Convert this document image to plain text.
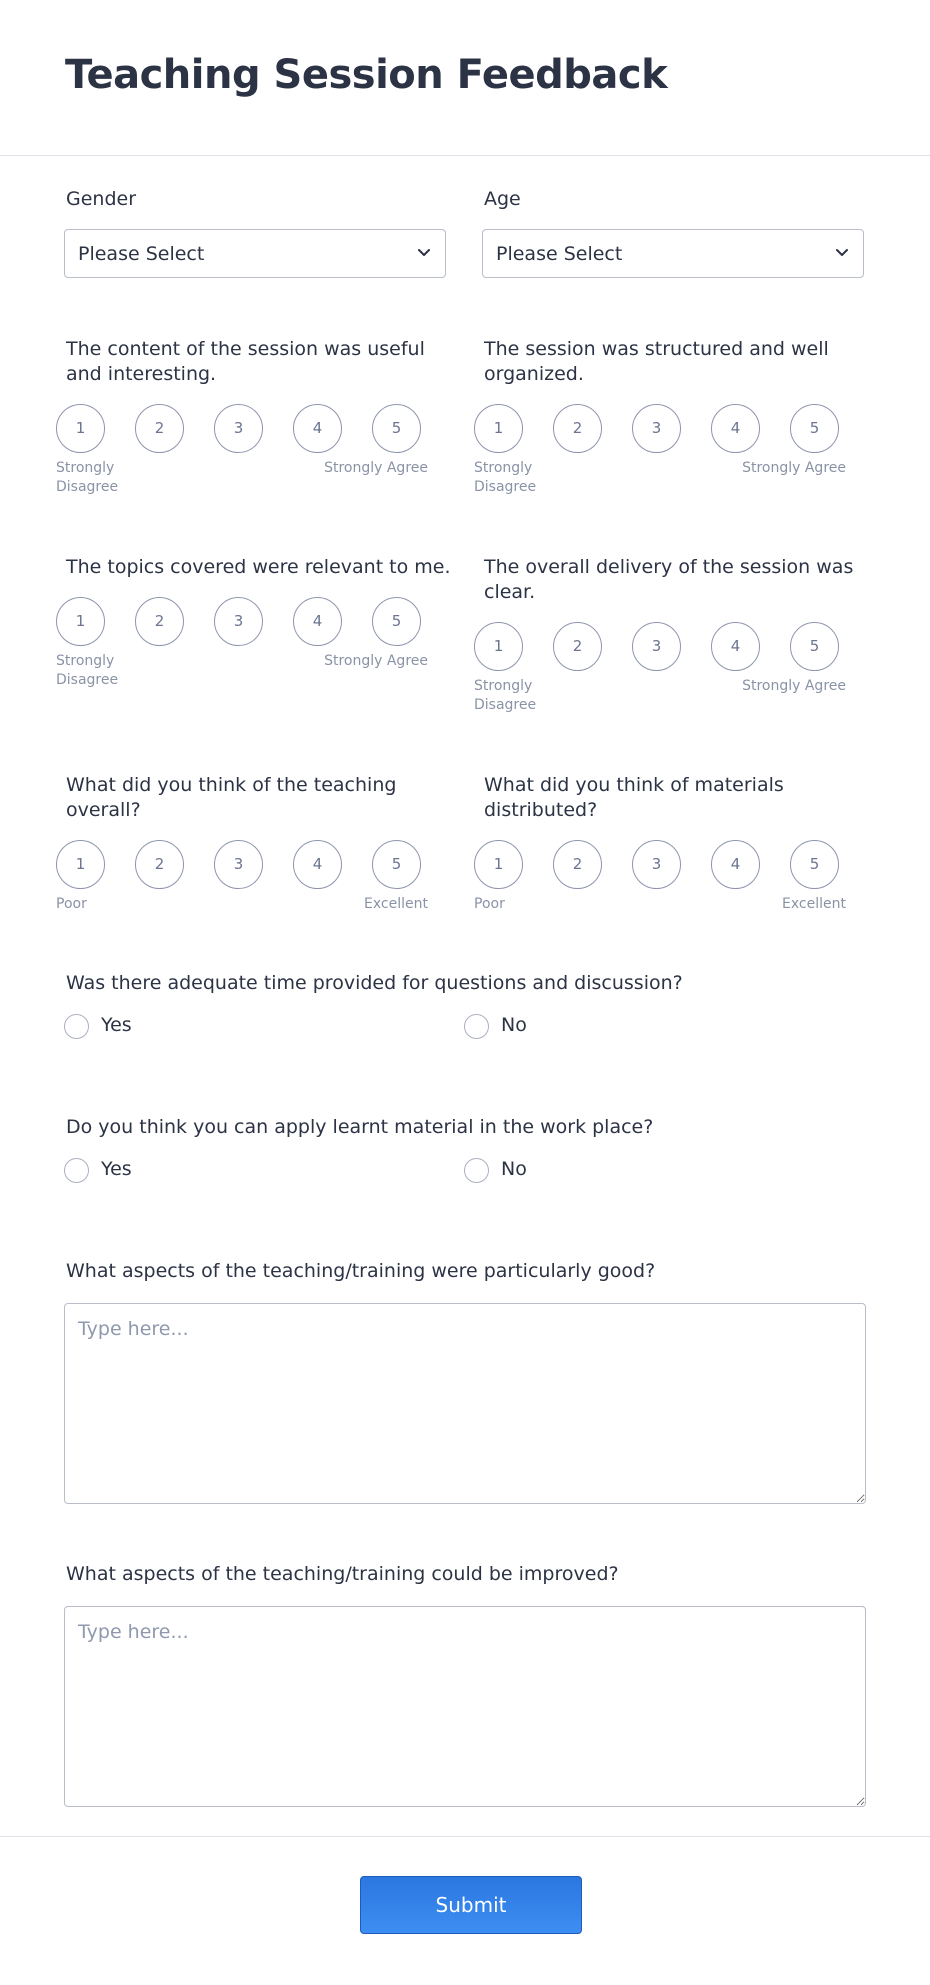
Teaching Session Feedback
Gender
Please Select
Age
Please Select
The content of the session was useful and interesting.
1	2	3	4	5
Strongly Disagree
Strongly Agree
The session was structured and well organized.
1	2	3	4	5
Strongly Disagree
Strongly Agree
The topics covered were relevant to me.
1	2	3	4	5
Strongly Disagree
Strongly Agree
The overall delivery of the session was clear.
1	2	3	4	5
Strongly Disagree
Strongly Agree
What did you think of the teaching overall?
1	2	3	4	5
Poor	Excellent
What did you think of materials distributed?
1	2	3	4	5
Poor	Excellent
Was there adequate time provided for questions and discussion?
Yes	No
Do you think you can apply learnt material in the work place?
Yes	No
What aspects of the teaching/training were particularly good?
Type here...
What aspects of the teaching/training could be improved?
Type here...
Submit
